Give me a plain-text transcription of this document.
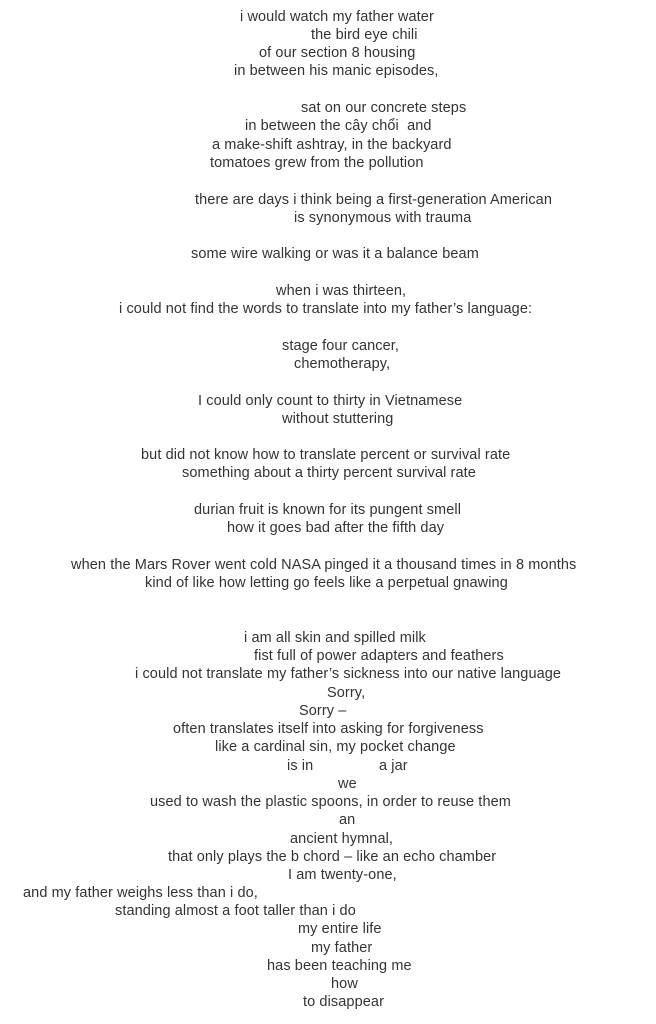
i would watch my father water
the bird eye chili
of our section 8 housing
in between his manic episodes,
sat on our concrete steps
in between the cây chổi  and
a make-shift ashtray, in the backyard
tomatoes grew from the pollution
there are days i think being a first-generation American
is synonymous with trauma
some wire walking or was it a balance beam
when i was thirteen,
i could not find the words to translate into my father’s language:
stage four cancer,
chemotherapy,
I could only count to thirty in Vietnamese
without stuttering
but did not know how to translate percent or survival rate
something about a thirty percent survival rate
durian fruit is known for its pungent smell
how it goes bad after the fifth day
when the Mars Rover went cold NASA pinged it a thousand times in 8 months
kind of like how letting go feels like a perpetual gnawing
i am all skin and spilled milk
fist full of power adapters and feathers
i could not translate my father’s sickness into our native language
Sorry,
Sorry –
often translates itself into asking for forgiveness
like a cardinal sin, my pocket change
is in	a jar
we
used to wash the plastic spoons, in order to reuse them
an
ancient hymnal,
that only plays the b chord – like an echo chamber
I am twenty-one,
and my father weighs less than i do,
standing almost a foot taller than i do
my entire life
my father
has been teaching me
how
to disappear
